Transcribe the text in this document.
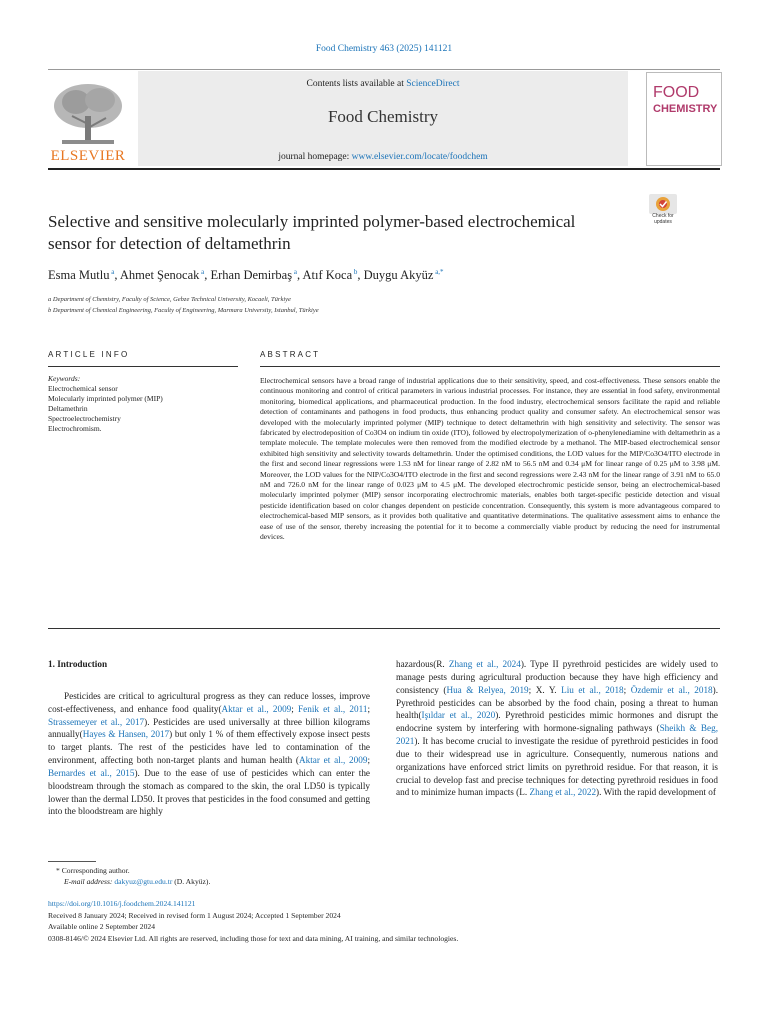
Food Chemistry 463 (2025) 141121
ELSEVIER
Contents lists available at ScienceDirect
Food Chemistry
journal homepage: www.elsevier.com/locate/foodchem
FOOD
CHEMISTRY
Selective and sensitive molecularly imprinted polymer-based electrochemical sensor for detection of deltamethrin
Check for updates
Esma Mutlu $^a$, Ahmet Şenocak $^a$, Erhan Demirbaş $^a$, Atıf Koca $^b$, Duygu Akyüz $^{a,*}$
a Department of Chemistry, Faculty of Science, Gebze Technical University, Kocaeli, Türkiye
b Department of Chemical Engineering, Faculty of Engineering, Marmara University, Istanbul, Türkiye
ARTICLE INFO	ABSTRACT
Keywords:
Electrochemical sensor
Molecularly imprinted polymer (MIP)
Deltamethrin
Spectroelectrochemistry
Electrochromism.
Electrochemical sensors have a broad range of industrial applications due to their sensitivity, speed, and cost-effectiveness. These sensors enable the continuous monitoring and control of critical parameters in various industrial processes. For instance, they are essential in food safety, environmental monitoring, biomedical applications, and pharmaceutical production. In the food industry, electrochemical sensors facilitate the rapid and reliable detection of contaminants and pathogens in food products, thus enhancing product quality and consumer safety. An electrochemical sensor was developed with the molecularly imprinted polymer (MIP) technique to detect deltamethrin with high sensitivity and selectivity. The sensor was fabricated by electrodeposition of Co3O4 on indium tin oxide (ITO), followed by electropolymerization of o-phenylenediamine with deltamethrin as a template molecule. The template molecules were then removed from the modified electrode by a methanol. The MIP-based electrochemical sensor exhibited high sensitivity and selectivity towards deltamethrin. Under the optimised conditions, the LOD values for the MIP/Co3O4/ITO electrode in the first and second linear regressions were 1.53 nM for linear range of 2.82 nM to 56.5 nM and 0.34 μM for linear range of 0.25 μM to 3.98 μM. Moreover, the LOD values for the NIP/Co3O4/ITO electrode in the first and second regressions were 2.43 nM for the linear range of 3.91 nM to 65.0 nM and 726.0 nM for the linear range of 0.023 μM to 4.5 μM. The developed electrochromic pesticide sensor, being an electrochemical-based molecularly imprinted polymer (MIP) sensor incorporating electrochromic materials, enables both target-specific pesticide detection and visual pesticide identification based on color changes dependent on pesticide concentration. Consequently, this system is more advantageous compared to electrochemical-based MIP sensors, as it provides both qualitative and quantitative determinations. The qualitative assessment aims to enhance the ease of use of the sensor, thereby increasing the potential for it to become a commercially viable product by reducing the need for instrumental devices.
1. Introduction

Pesticides are critical to agricultural progress as they can reduce losses, improve cost-effectiveness, and enhance food quality(Aktar et al., 2009; Fenik et al., 2011; Strassemeyer et al., 2017). Pesticides are used universally at three billion kilograms annually(Hayes & Hansen, 2017) but only 1 % of them effectively expose insect pests to target plants. The rest of the pesticides have led to contamination of the environment, affecting both non-target plants and human health (Aktar et al., 2009; Bernardes et al., 2015). Due to the ease of use of pesticides which can enter the bloodstream through the stomach as compared to the skin, the oral LD50 is typically lower than the dermal LD50. It proves that pesticides in the food consumed and getting into the bloodstream are highly

hazardous(R. Zhang et al., 2024). Type II pyrethroid pesticides are widely used to manage pests during agricultural production because they have high efficiency and consistency (Hua & Relyea, 2019; X. Y. Liu et al., 2018; Özdemir et al., 2018). Pyrethroid pesticides can be absorbed by the food chain, posing a threat to human health(Işıldar et al., 2020). Pyrethroid pesticides mimic hormones and disrupt the endocrine system by interfering with hormone-signaling pathways (Sheikh & Beg, 2021). It has become crucial to investigate the residue of pyrethroid pesticides in food due to their widespread use in agriculture. Consequently, numerous nations and organizations have enforced strict limits on pyrethroid residue. For that reason, it is crucial to develop fast and precise techniques for detecting pyrethroid residues in food and to minimize human impacts (L. Zhang et al., 2022). With the rapid development of

* Corresponding author.
E-mail address: dakyuz@gtu.edu.tr (D. Akyüz).
https://doi.org/10.1016/j.foodchem.2024.141121
Received 8 January 2024; Received in revised form 1 August 2024; Accepted 1 September 2024
Available online 2 September 2024
0308-8146/© 2024 Elsevier Ltd. All rights are reserved, including those for text and data mining, AI training, and similar technologies.
